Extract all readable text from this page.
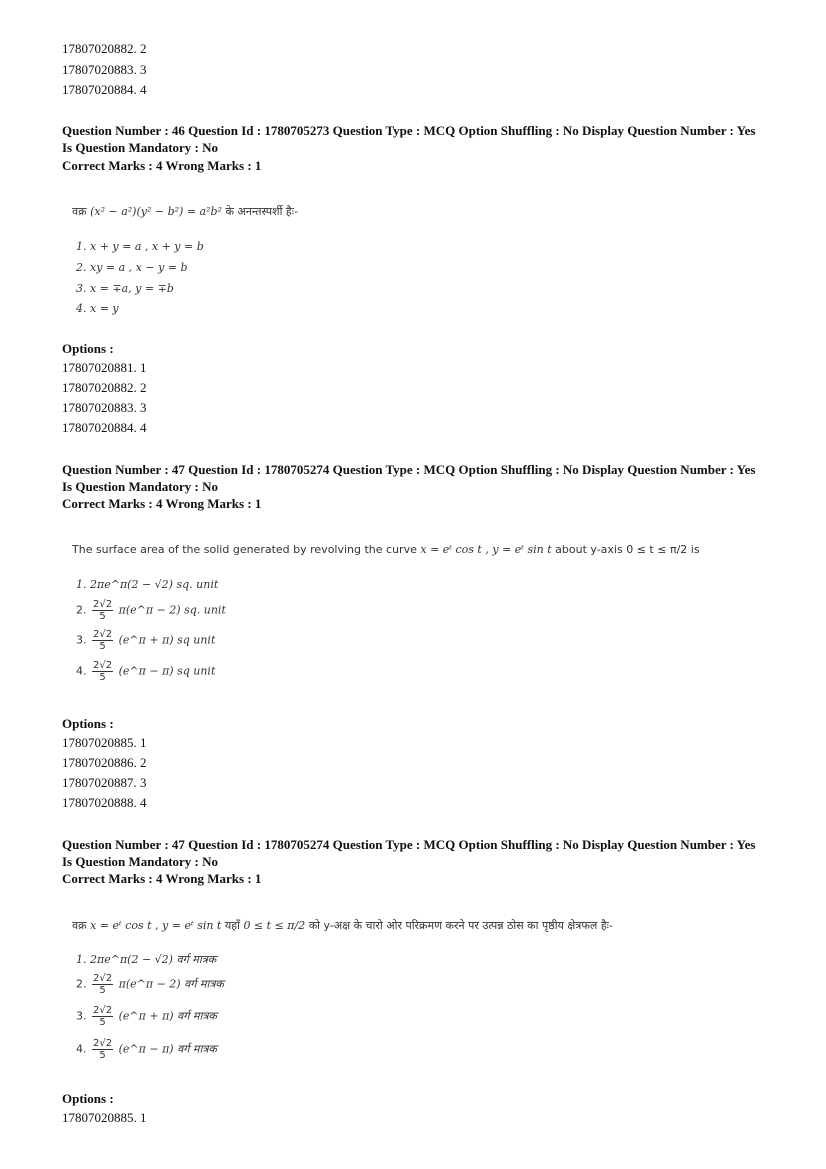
17807020882. 2
17807020883. 3
17807020884. 4
Question Number : 46 Question Id : 1780705273 Question Type : MCQ Option Shuffling : No Display Question Number : Yes
Is Question Mandatory : No
Correct Marks : 4 Wrong Marks : 1
वक्र (x² − a²)(y² − b²) = a²b² के अनन्तस्पर्शी हैः-
1. x + y = a , x + y = b
2. xy = a , x − y = b
3. x = ∓a, y = ∓b
4. x = y
Options :
17807020881. 1
17807020882. 2
17807020883. 3
17807020884. 4
Question Number : 47 Question Id : 1780705274 Question Type : MCQ Option Shuffling : No Display Question Number : Yes
Is Question Mandatory : No
Correct Marks : 4 Wrong Marks : 1
The surface area of the solid generated by revolving the curve x = eᵗ cos t , y = eᵗ sin t about y-axis 0 ≤ t ≤ π/2 is
1. 2πe^π(2 − √2) sq. unit
2. $\frac{2√2}{5}$ π(e^π − 2) sq. unit
3. $\frac{2√2}{5}$ (e^π + π) sq unit
4. $\frac{2√2}{5}$ (e^π − π) sq unit
Options :
17807020885. 1
17807020886. 2
17807020887. 3
17807020888. 4
Question Number : 47 Question Id : 1780705274 Question Type : MCQ Option Shuffling : No Display Question Number : Yes
Is Question Mandatory : No
Correct Marks : 4 Wrong Marks : 1
वक्र x = eᵗ cos t , y = eᵗ sin t यहाँ 0 ≤ t ≤ π/2 को y-अक्ष के चारो ओर परिक्रमण करने पर उत्पन्न ठोस का पृष्ठीय क्षेत्रफल हैः-
1. 2πe^π(2 − √2) वर्ग मात्रक
2. $\frac{2√2}{5}$ π(e^π − 2) वर्ग मात्रक
3. $\frac{2√2}{5}$ (e^π + π) वर्ग मात्रक
4. $\frac{2√2}{5}$ (e^π − π) वर्ग मात्रक
Options :
17807020885. 1
